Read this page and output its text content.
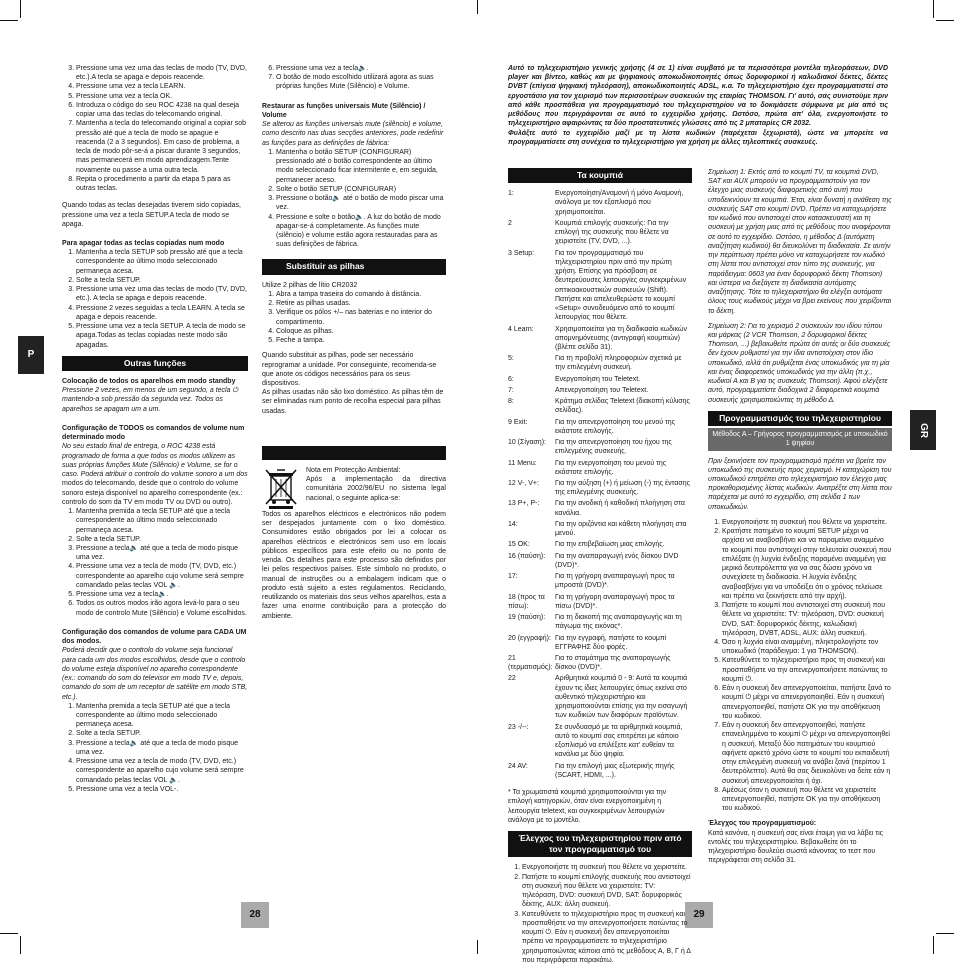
P
GR
28	29
3. Pressione uma vez uma das teclas de modo (TV, DVD, etc.).A tecla se apaga e depois reacende.
4. Pressione uma vez a tecla LEARN.
5. Pressione uma vez a tecla OK.
6. Introduza o código do seu ROC 4238 na qual deseja copiar uma das teclas do telecomando original.
7. Mantenha a tecla do telecomando original a copiar sob pressão até que a tecla de modo se apague e reacenda (2 a 3 segundos). Em caso de problema, a tecla de modo pôr-se-á a piscar durante 3 segundos, mas permanecerá em modo aprendizagem.Tente novamente ou passe a uma outra tecla.
8. Repita o procedimento a partir da etapa 5 para as outras teclas.

Quando todas as teclas desejadas tiverem sido copiadas, pressione uma vez a tecla SETUP.A tecla de modo se apaga.

Para apagar todas as teclas copiadas num modo

1. Mantenha a tecla SETUP sob pressão até que a tecla correspondente ao último modo seleccionado permaneça acesa.
2. Solte a tecla SETUP.
3. Pressione uma vez uma das teclas de modo (TV, DVD, etc.). A tecla se apaga e depois reacende.
4. Pressione 2 vezes seguidas a tecla LEARN. A tecla se apaga e depois reacende.
5. Pressione uma vez a tecla SETUP. A tecla de modo se apaga.Todas as teclas copiadas neste modo são apagadas.
Outras funções

Colocação de todos os aparelhos em modo standby

Pressione 2 vezes, em menos de um segundo, a tecla ⏻ mantendo-a sob pressão da segunda vez. Todos os aparelhos se apagam um a um.

Configuração de TODOS os comandos de volume num determinado modo

No seu estado final de entrega, o ROC 4238 está programado de forma a que todos os modos utilizem as suas próprias funções Mute (Silêncio) e Volume, se for o caso. Poderá atribuir o controlo do volume sonoro a um dos

modos do telecomando, desde que o controlo do volume sonoro esteja disponível no aparelho correspondente (ex.: controlo do som da TV em modo TV ou DVD ou outro).

1. Mantenha premida a tecla SETUP até que a tecla correspondente ao último modo seleccionado permaneça acesa.
2. Solte a tecla SETUP.
3. Pressione a tecla🔈 até que a tecla de modo pisque uma vez.
4. Pressione uma vez a tecla de modo (TV, DVD, etc.) correspondente ao aparelho cujo volume será sempre comandado pelas teclas VOL 🔈.
5. Pressione uma vez a tecla🔈.
6. Todos os outros modos irão agora levá-lo para o seu modo de controlo Mute (Silêncio) e Volume escolhidos.

Configuração dos comandos de volume para CADA UM dos modos.

Poderá decidir que o controlo do volume seja funcional para cada um dos modos escolhidos, desde que o controlo do volume esteja disponível no aparelho correspondente (ex.: comando do som do televisor em modo TV e, depois, comando do som de um receptor de satélite em modo STB, etc.).

1. Mantenha premida a tecla SETUP até que a tecla correspondente ao último modo seleccionado permaneça acesa.
2. Solte a tecla SETUP.
3. Pressione a tecla🔈 até que a tecla de modo pisque uma vez.
4. Pressione uma vez a tecla de modo (TV, DVD, etc.) correspondente ao aparelho cujo volume será sempre comandado pelas teclas VOL 🔈.
5. Pressione uma vez a tecla VOL-.
6. Pressione uma vez a tecla🔈.
7. O botão de modo escolhido utilizará agora as suas próprias funções Mute (Silêncio) e Volume.

Restaurar as funções universais Mute (Silêncio) / Volume

Se alterou as funções universais mute (silêncio) e volume, como descrito nas duas secções anteriores, pode redefinir as funções para as definições de fábrica:

1. Mantenha o botão SETUP (CONFIGURAR) pressionado até o botão correspondente ao último modo seleccionado ficar intermitente e, em seguida, permanecer aceso.
2. Solte o botão SETUP (CONFIGURAR)
3. Pressione o botão🔈 até o botão de modo piscar uma vez.
4. Pressione e solte o botão🔈. A luz do botão de modo apagar-se-á completamente. As funções mute (silêncio) e volume estão agora restauradas para as suas definições de fábrica.
Substituir as pilhas

Utilize 2 pilhas de lítio CR2032

1. Abra a tampa traseira do comando à distância.
2. Retire as pilhas usadas.
3. Verifique os pólos +/– nas baterias e no interior do compartimento.
4. Coloque as pilhas.
5. Feche a tampa.

Quando substituir as pilhas, pode ser necessário reprogramar a unidade. Por conseguinte, recomenda-se que anote os códigos necessários para os seus dispositivos.

As pilhas usadas não são lixo doméstico. As pilhas têm de ser eliminadas num ponto de recolha especial para pilhas usadas.

Nota em Protecção Ambiental:

Após a implementação da directiva comunitária 2002/96/EU no sistema legal nacional, o seguinte aplica-se:

Todos os aparelhos eléctricos e electrónicos não podem ser despejados juntamente com o lixo doméstico. Consumidores estão obrigados por lei a colocar os aparelhos eléctricos e electrónicos sem uso em locais públicos específicos para este efeito ou no ponto de venda. Os detalhes para este processo são definidos por lei pelos respectivos países. Este símbolo no produto, o manual de instruções ou a embalagem indicam que o produto está sujeito a estes regulamentos. Reciclando, reutilizando os materiais dos seus velhos aparelhos, esta a fazer uma enorme contribuição para a protecção do ambiente.

Αυτό το τηλεχειριστήριο γενικής χρήσης (4 σε 1) είναι συμβατό με τα περισσότερα μοντέλα τηλεοράσεων, DVD player και βίντεο, καθώς και με ψηφιακούς αποκωδικοποιητές όπως δορυφορικοί ή καλωδιακοί δέκτες, δέκτες DVBT (επίγεια ψηφιακή τηλεόραση), αποκωδικοποιητές ADSL, κ.α. Το τηλεχειριστήριο έχει προγραμματιστεί στο εργοστάσιο για τον χειρισμό των περισσοτέρων συσκευών της εταιρίας THOMSON. Γι' αυτό, σας συνιστούμε πριν από κάθε προσπάθεια για προγραμματισμό του τηλεχειριστηρίου να το δοκιμάσετε σύμφωνα με μία από τις μεθόδους που περιγράφονται σε αυτό το εγχειρίδιο χρήσης. Ωστόσο, πρώτα απ' όλα, ενεργοποιήστε το τηλεχειριστήριο αφαιρώντας τα δύο προστατευτικές γλώσσες από τις 2 μπαταρίες CR 2032.

Φυλάξτε αυτό το εγχειρίδιο μαζί με τη λίστα κωδικών (παρέχεται ξεχωριστά), ώστε να μπορείτε να προγραμματίσετε στη συνέχεια το τηλεχειριστήριο για χρήση με άλλες τηλεοπτικές συσκευές.

Τα κουμπιά
1:	Ενεργοποίηση/Αναμονή ή μόνο Αναμονή, ανάλογα με τον εξοπλισμό που χρησιμοποιείται.
2	Κουμπιά επιλογής συσκευής: Για την επιλογή της συσκευής που θέλετε να χειριστείτε (TV, DVD, ...).
3 Setup:	Για τον προγραμματισμό του τηλεχειριστηρίου πριν από την πρώτη χρήση. Επίσης για πρόσβαση σε δευτερεύουσες λειτουργίες συγκεκριμένων οπτικοακουστικών συσκευών (Shift). Πατήστε και απελευθερώστε το κουμπί «Setup» συνοδευόμενο από το κουμπί λειτουργίας που θέλετε.
4 Learn:	Χρησιμοποιείται για τη διαδικασία κωδικών απομνημόνευσης (αντιγραφή κουμπιών) (βλέπε σελίδα 31).
5:	Για τη προβολή πληροφοριών σχετικά με την επιλεγμένη συσκευή.
6:	Ενεργοποίηση του Teletext.
7:	Απενεργοποίηση του Teletext.
8:	Κράτημα σελίδας Teletext (διακοπή κύλισης σελίδας).
9 Exit:	Για την απενεργοποίηση του μενού της εκάστοτε επιλογής.
10 (Σίγαση):	Για την απενεργοποίηση του ήχου της επιλεγμένης συσκευής.
11 Menu:	Για την ενεργοποίηση του μενού της εκάστοτε επιλογής.
12 V-, V+:	Για την αύξηση (+) ή μείωση (-) της έντασης της επιλεγμένης συσκευής.
13 P+, P-:	Για την ανοδική ή καθοδική πλοήγηση στα κανάλια.
14:	Για την οριζόντια και κάθετη πλοήγηση στα μενού.
15 OK:	Για την επιβεβαίωση μιας επιλογής.
16 (παύση):	Για την αναπαραγωγή ενός δίσκου DVD (DVD)*.
17:	Για τη γρήγορη αναπαραγωγή προς τα μπροστά (DVD)*.
18 (προς τα πίσω):
Για τη γρήγορη αναπαραγωγή προς τα πίσω (DVD)*.
19 (παύση):	Για τη διακοπή της αναπαραγωγής και τη πάγωμα της εικόνας*.
20 (εγγραφή): Για την εγγραφή, πατήστε το κουμπί ΕΓΓΡΑΦΗΣ δύο φορές.
21 (τερματισμός):
Για το σταμάτημα της αναπαραγωγής δίσκου (DVD)*.
22	Αριθμητικά κουμπιά 0 - 9: Αυτά τα κουμπιά έχουν τις ίδιες λειτουργίες όπως εκείνα στο αυθεντικό τηλεχειριστήριο και χρησιμοποιούνται επίσης για την εισαγωγή των κωδικών των διαφόρων προϊόντων.
23 -/--:	Σε συνδυασμό με τα αριθμητικά κουμπιά, αυτό το κουμπί σας επιτρέπει με κάποιο εξοπλισμό να επιλέξετε κατ' ευθείαν τα κανάλια με δύο ψηφία.
24 AV:	Για την επιλογή μιας εξωτερικής πηγής (SCART, HDMI, ...).

* Τα χρωματιστά κουμπιά χρησιμοποιούνται για την επιλογή κατηγοριών, όταν είναι ενεργοποιημένη η λειτουργία teletext, και συγκεκριμένων λειτουργιών ανάλογα με το μοντέλο.

Έλεγχος του τηλεχειριστηρίου πριν από τον προγραμματισμό του
1. Ενεργοποιήστε τη συσκευή που θέλετε να χειριστείτε.
2. Πατήστε το κουμπί επιλογής συσκευής που αντιστοιχεί στη συσκευή που θέλετε να χειριστείτε: TV: τηλεόραση, DVD: συσκευή DVD, SAT: δορυφορικός δέκτης, AUX: άλλη συσκευή.
3. Κατευθύνετε το τηλεχειριστήριο προς τη συσκευή και προσπαθήστε να την απενεργοποιήσετε πατώντας το κουμπί ⏻. Εάν η συσκευή δεν απενεργοποιείται πρέπει να προγραμματίσετε το τηλεχειριστήριο χρησιμοποιώντας κάποια από τις μεθόδους Α, Β, Γ ή Δ που περιγράφεται παρακάτω.

Σημείωση 1: Εκτός από το κουμπί TV, τα κουμπιά DVD, SAT και AUX μπορούν να προγραμματιστούν για τον έλεγχο μιας συσκευής διαφορετικής από αυτή που υποδεικνύουν τα κουμπιά. Έτσι, είναι δυνατή η ανάθεση της συσκευής SAT στο κουμπί DVD. Πρέπει να καταχωρήσετε τον κωδικό που αντιστοιχεί στον κατασκευαστή και τη συσκευή με χρήση μιας από τις μεθόδους που αναφέρονται σε αυτό το εγχειρίδιο. Ωστόσο, η μέθοδος Δ (αυτόματη αναζήτηση κωδικού) θα διευκολύνει τη διαδικασία. Σε αυτήν την περίπτωση πρέπει μόνο να καταχωρήσετε τον κωδικό στη λίστα που αντιστοιχεί στον τύπο της συσκευής, για παράδειγμα: 0603 για έναν δορυφορικό δέκτη Thomson) και ύστερα να διεξάγετε τη διαδικασία αυτόματης αναζήτησης. Τότε το τηλεχειριστήριο θα ελέγξει αυτόματα όλους τους κωδικούς μέχρι να βρει εκείνους που χειρίζονται το δέκτη.

Σημείωση 2: Για το χειρισμό 2 συσκευών του ιδίου τύπου και μάρκας (2 VCR Thomson, 2 δορυφορικοί δέκτες Thomson, ...) βεβαιωθείτε πρώτα ότι αυτές οι δύο συσκευές δεν έχουν ρυθμιστεί για την ίδια αντιστοίχιση στον ίδιο υποκωδικό, αλλά ότι ρυθμίζεται ένας υποκωδικός για τη μία και ένας διαφορετικός υποκωδικός για την άλλη (π.χ., κωδικοί A και B για τις συσκευές Thomson). Αφού ελέγξετε αυτό, προγραμματίστε διαδοχικά 2 διαφορετικά κουμπιά συσκευής χρησιμοποιώντας τη μέθοδο Δ.

Προγραμματισμός του τηλεχειριστηρίου
Μέθοδος Α – Γρήγορος προγραμματισμός με υποκωδικό 1 ψηφίου

Πριν ξεκινήσετε τον προγραμματισμό πρέπει να βρείτε τον υποκωδικό της συσκευής προς χειρισμό. Η καταχώριση του υποκωδικού επιτρέπει στο τηλεχειριστήριο τον έλεγχο μιας προκαθορισμένης λίστας κωδικών. Ανατρέξτε στη λίστα που παρέχεται με αυτό το εγχειρίδιο, στη σελίδα 1 των υποκωδικών.

1. Ενεργοποιήστε τη συσκευή που θέλετε να χειριστείτε.
2. Κρατήστε πατημένο το κουμπί SETUP μέχρι να αρχίσει να αναβοσβήνει και να παραμείνει αναμμένο το κουμπί που αντιστοιχεί στην τελευταία συσκευή που επιλέξατε (η λυχνία ένδειξης παραμένει αναμμένη για μερικά δευτερόλεπτα για να σας δώσει χρόνο να συνεχίσετε τη διαδικασία. Η λυχνία ένδειξης αναβοσβήνει για να υποδείξει ότι ο χρόνος τελείωσε και πρέπει να ξεκινήσετε από την αρχή).
3. Πατήστε το κουμπί που αντιστοιχεί στη συσκευή που θέλετε να χειριστείτε: TV: τηλεόραση, DVD: συσκευή DVD, SAT: δορυφορικός δέκτης, καλωδιακή τηλεόραση, DVBT, ADSL, AUX: άλλη συσκευή.
4. Όσο η λυχνία είναι αναμμένη, πληκτρολογήστε τον υποκωδικό (παράδειγμα: 1 για THOMSON).
5. Κατευθύνετε το τηλεχειριστήριο προς τη συσκευή και προσπαθήστε να την απενεργοποιήσετε πατώντας το κουμπί ⏻.
6. Εάν η συσκευή δεν απενεργοποιείται, πατήστε ξανά το κουμπί ⏻ μέχρι να απενεργοποιηθεί. Εάν η συσκευή απενεργοποιηθεί, πατήστε OK για την αποθήκευση του κωδικού.
7. Εάν η συσκευή δεν απενεργοποιηθεί, πατήστε επανειλημμένα το κουμπί ⏻ μέχρι να απενεργοποιηθεί η συσκευή. Μεταξύ δύο πατημάτων του κουμπιού αφήνετε αρκετό χρόνο ώστε το κουμπί του εκπαιδευτή στην επιλεγμένη συσκευή να ανάβει ξανά (περίπου 1 δευτερόλεπτο). Αυτό θα σας διευκολύνει να δείτε εάν η συσκευή απενεργοποιείται ή όχι.
8. Αμέσως όταν η συσκευή που θέλετε να χειριστείτε απενεργοποιηθεί, πατήστε OK για την αποθήκευση του κωδικού.

Έλεγχος του προγραμματισμού:

Κατά κανόνα, η συσκευή σας είναι έτοιμη για να λάβει τις εντολές του τηλεχειριστηρίου. Βεβαιωθείτε ότι το τηλεχειριστήριο δουλεύει σωστά κάνοντας το τεστ που περιγράφεται στη σελίδα 31.
